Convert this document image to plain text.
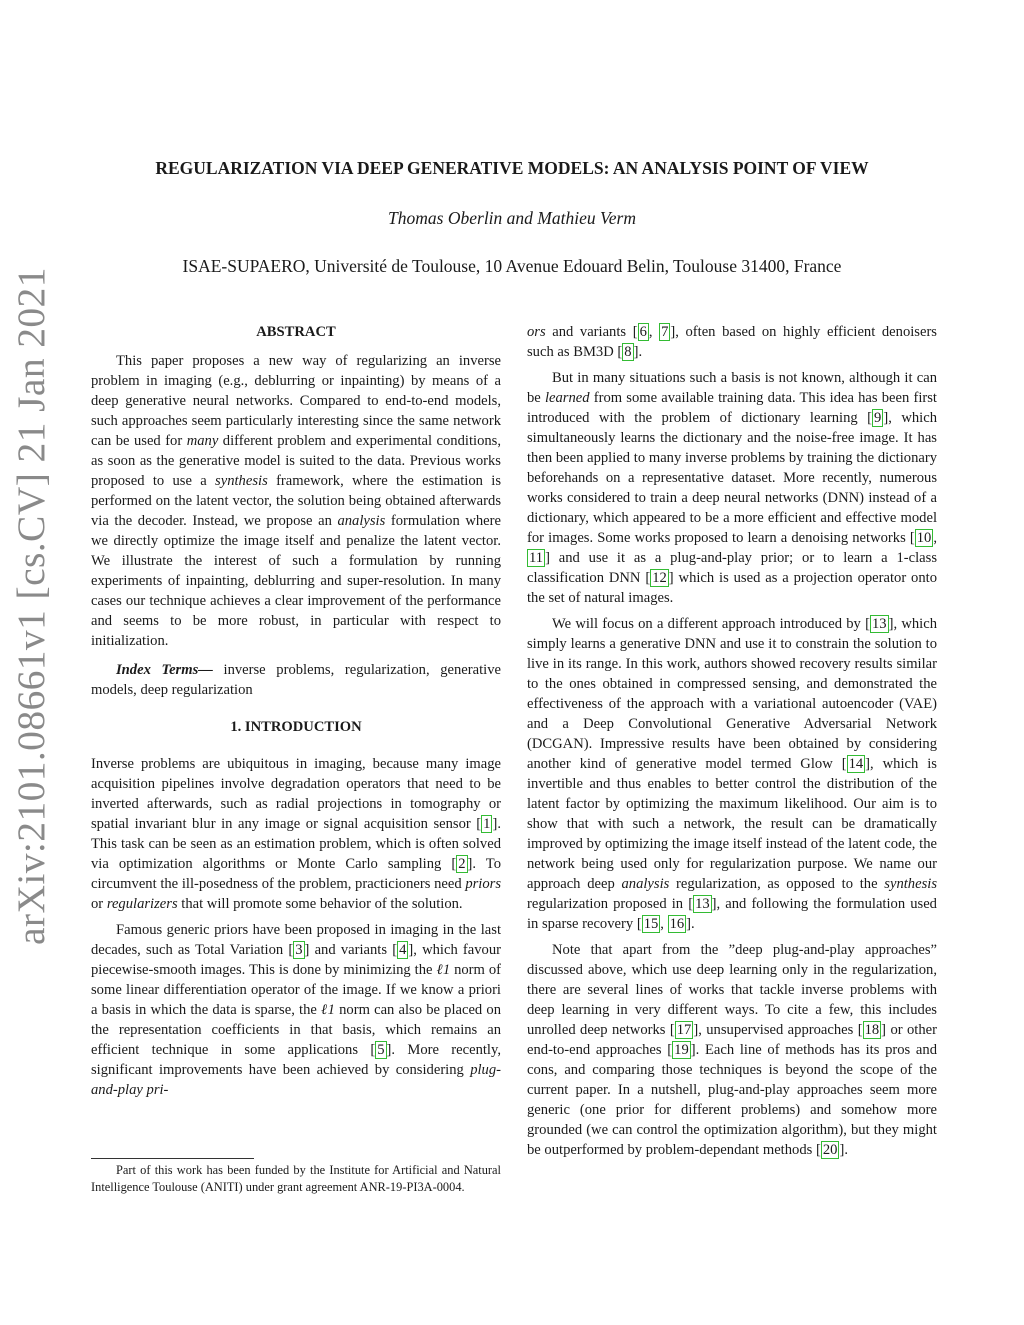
arXiv:2101.08661v1 [cs.CV] 21 Jan 2021
REGULARIZATION VIA DEEP GENERATIVE MODELS: AN ANALYSIS POINT OF VIEW
Thomas Oberlin and Mathieu Verm
ISAE-SUPAERO, Université de Toulouse, 10 Avenue Edouard Belin, Toulouse 31400, France
ABSTRACT

This paper proposes a new way of regularizing an inverse problem in imaging (e.g., deblurring or inpainting) by means of a deep generative neural networks. Compared to end-to-end models, such approaches seem particularly interesting since the same network can be used for many different problem and experimental conditions, as soon as the generative model is suited to the data. Previous works proposed to use a synthesis framework, where the estimation is performed on the latent vector, the solution being obtained afterwards via the decoder. Instead, we propose an analysis formulation where we directly optimize the image itself and penalize the latent vector. We illustrate the interest of such a formulation by running experiments of inpainting, deblurring and super-resolution. In many cases our technique achieves a clear improvement of the performance and seems to be more robust, in particular with respect to initialization.

Index Terms— inverse problems, regularization, generative models, deep regularization

1. INTRODUCTION

Inverse problems are ubiquitous in imaging, because many image acquisition pipelines involve degradation operators that need to be inverted afterwards, such as radial projections in tomography or spatial invariant blur in any image or signal acquisition sensor [ 1 ]. This task can be seen as an estimation problem, which is often solved via optimization algorithms or Monte Carlo sampling [ 2 ]. To circumvent the ill-posedness of the problem, practicioners need priors or regularizers that will promote some behavior of the solution.

Famous generic priors have been proposed in imaging in the last decades, such as Total Variation [ 3 ] and variants [ 4 ], which favour piecewise-smooth images. This is done by minimizing the ℓ1 norm of some linear differentiation operator of the image. If we know a priori a basis in which the data is sparse, the ℓ1 norm can also be placed on the representation coefficients in that basis, which remains an efficient technique in some applications [ 5 ]. More recently, significant improvements have been achieved by considering plug-and-play pri-

Part of this work has been funded by the Institute for Artificial and Natural Intelligence Toulouse (ANITI) under grant agreement ANR-19-PI3A-0004.

ors and variants [ 6 , 7 ], often based on highly efficient denoisers such as BM3D [ 8 ].

But in many situations such a basis is not known, although it can be learned from some available training data. This idea has been first introduced with the problem of dictionary learning [ 9 ], which simultaneously learns the dictionary and the noise-free image. It has then been applied to many inverse problems by training the dictionary beforehands on a representative dataset. More recently, numerous works considered to train a deep neural networks (DNN) instead of a dictionary, which appeared to be a more efficient and effective model for images. Some works proposed to learn a denoising networks [ 10 , 11 ] and use it as a plug-and-play prior; or to learn a 1-class classification DNN [ 12 ] which is used as a projection operator onto the set of natural images.

We will focus on a different approach introduced by [ 13 ], which simply learns a generative DNN and use it to constrain the solution to live in its range. In this work, authors showed recovery results similar to the ones obtained in compressed sensing, and demonstrated the effectiveness of the approach with a variational autoencoder (VAE) and a Deep Convolutional Generative Adversarial Network (DCGAN). Impressive results have been obtained by considering another kind of generative model termed Glow [ 14 ], which is invertible and thus enables to better control the distribution of the latent factor by optimizing the maximum likelihood. Our aim is to show that with such a network, the result can be dramatically improved by optimizing the image itself instead of the latent code, the network being used only for regularization purpose. We name our approach deep analysis regularization, as opposed to the synthesis regularization proposed in [ 13 ], and following the formulation used in sparse recovery [ 15 , 16 ].

Note that apart from the ”deep plug-and-play approaches” discussed above, which use deep learning only in the regularization, there are several lines of works that tackle inverse problems with deep learning in very different ways. To cite a few, this includes unrolled deep networks [ 17 ], unsupervised approaches [ 18 ] or other end-to-end approaches [ 19 ]. Each line of methods has its pros and cons, and comparing those techniques is beyond the scope of the current paper. In a nutshell, plug-and-play approaches seem more generic (one prior for different problems) and somehow more grounded (we can control the optimization algorithm), but they might be outperformed by problem-dependant methods [ 20 ].
